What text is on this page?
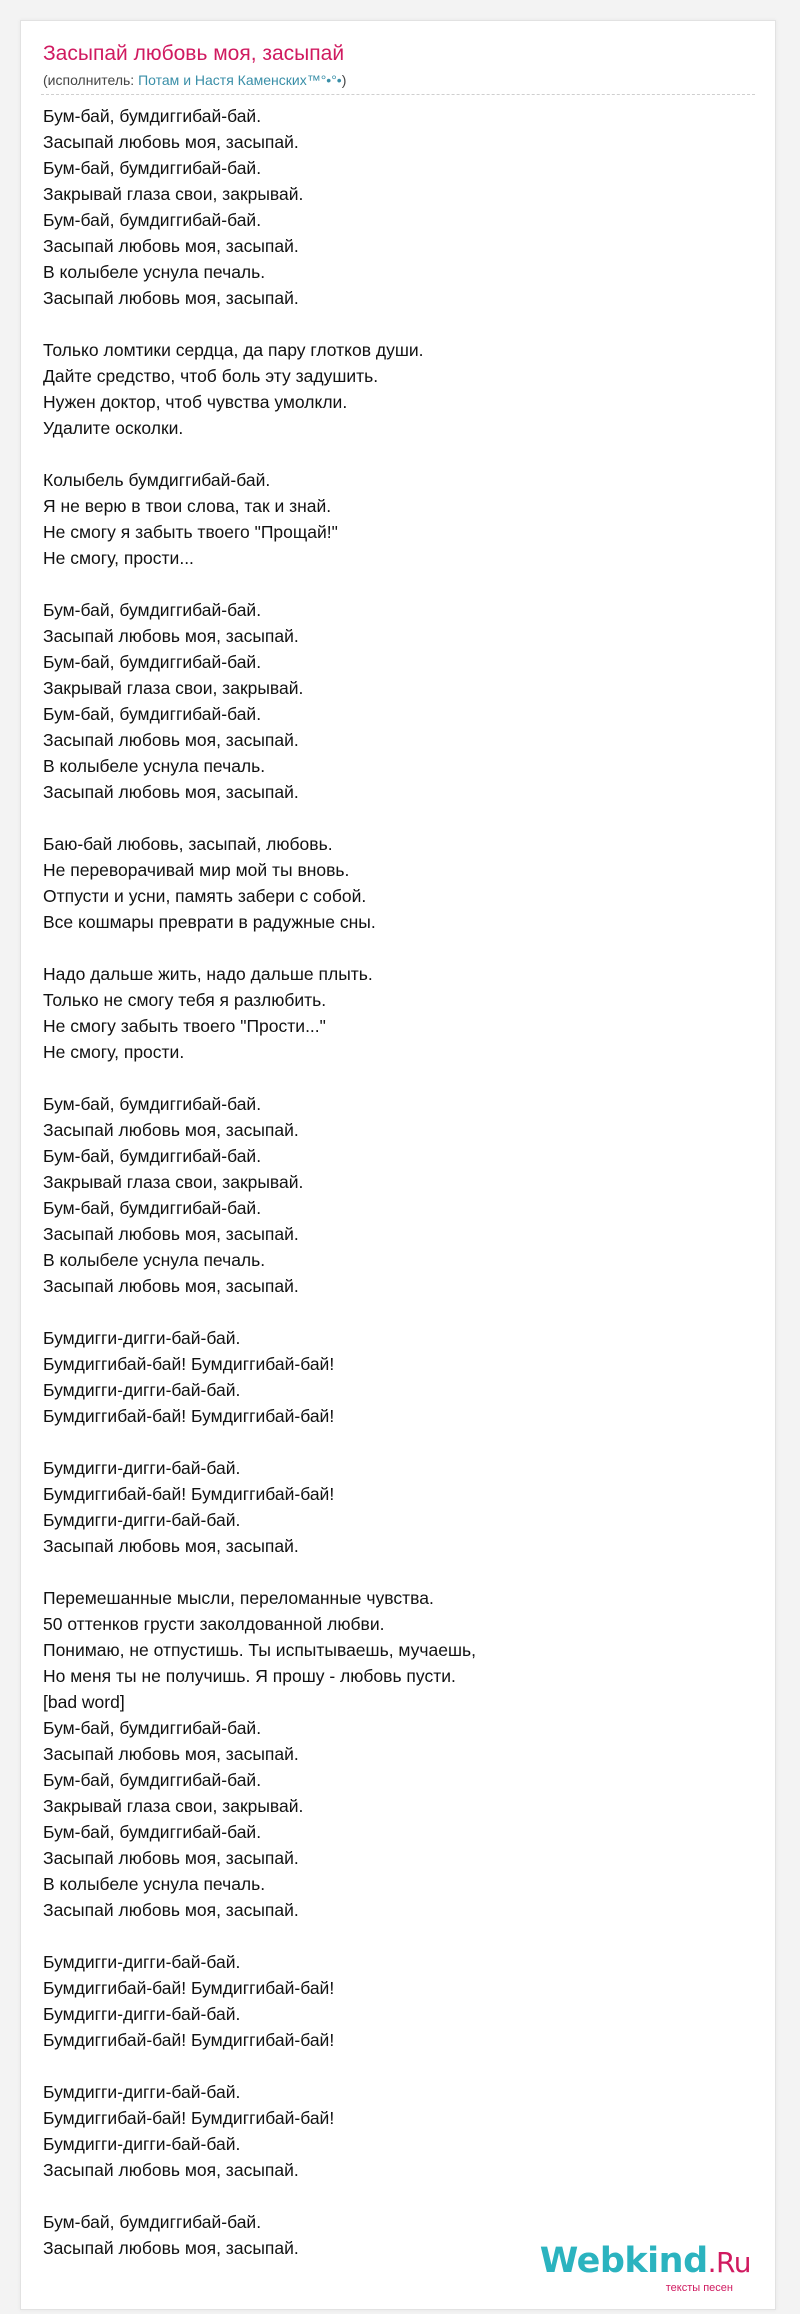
Засыпай любовь моя, засыпай
(исполнитель: Потам и Настя Каменских™°•°•)
Бум-бай, бумдиггибай-бай.
Засыпай любовь моя, засыпай.
Бум-бай, бумдиггибай-бай.
Закрывай глаза свои, закрывай.
Бум-бай, бумдиггибай-бай.
Засыпай любовь моя, засыпай.
В колыбеле уснула печаль.
Засыпай любовь моя, засыпай.
Только ломтики сердца, да пару глотков души.
Дайте средство, чтоб боль эту задушить.
Нужен доктор, чтоб чувства умолкли.
Удалите осколки.
Колыбель бумдиггибай-бай.
Я не верю в твои слова, так и знай.
Не смогу я забыть твоего "Прощай!"
Не смогу, прости...
Бум-бай, бумдиггибай-бай.
Засыпай любовь моя, засыпай.
Бум-бай, бумдиггибай-бай.
Закрывай глаза свои, закрывай.
Бум-бай, бумдиггибай-бай.
Засыпай любовь моя, засыпай.
В колыбеле уснула печаль.
Засыпай любовь моя, засыпай.
Баю-бай любовь, засыпай, любовь.
Не переворачивай мир мой ты вновь.
Отпусти и усни, память забери с собой.
Все кошмары преврати в радужные сны.
Надо дальше жить, надо дальше плыть.
Только не смогу тебя я разлюбить.
Не смогу забыть твоего "Прости..."
Не смогу, прости.
Бум-бай, бумдиггибай-бай.
Засыпай любовь моя, засыпай.
Бум-бай, бумдиггибай-бай.
Закрывай глаза свои, закрывай.
Бум-бай, бумдиггибай-бай.
Засыпай любовь моя, засыпай.
В колыбеле уснула печаль.
Засыпай любовь моя, засыпай.
Бумдигги-дигги-бай-бай.
Бумдиггибай-бай! Бумдиггибай-бай!
Бумдигги-дигги-бай-бай.
Бумдиггибай-бай! Бумдиггибай-бай!
Бумдигги-дигги-бай-бай.
Бумдиггибай-бай! Бумдиггибай-бай!
Бумдигги-дигги-бай-бай.
Засыпай любовь моя, засыпай.
Перемешанные мысли, переломанные чувства.
50 оттенков грусти заколдованной любви.
Понимаю, не отпустишь. Ты испытываешь, мучаешь,
Но меня ты не получишь. Я прошу - любовь пусти.
[bad word]
Бум-бай, бумдиггибай-бай.
Засыпай любовь моя, засыпай.
Бум-бай, бумдиггибай-бай.
Закрывай глаза свои, закрывай.
Бум-бай, бумдиггибай-бай.
Засыпай любовь моя, засыпай.
В колыбеле уснула печаль.
Засыпай любовь моя, засыпай.
Бумдигги-дигги-бай-бай.
Бумдиггибай-бай! Бумдиггибай-бай!
Бумдигги-дигги-бай-бай.
Бумдиггибай-бай! Бумдиггибай-бай!
Бумдигги-дигги-бай-бай.
Бумдиггибай-бай! Бумдиггибай-бай!
Бумдигги-дигги-бай-бай.
Засыпай любовь моя, засыпай.
Бум-бай, бумдиггибай-бай.
Засыпай любовь моя, засыпай.	Webkind.Ru
тексты песен
